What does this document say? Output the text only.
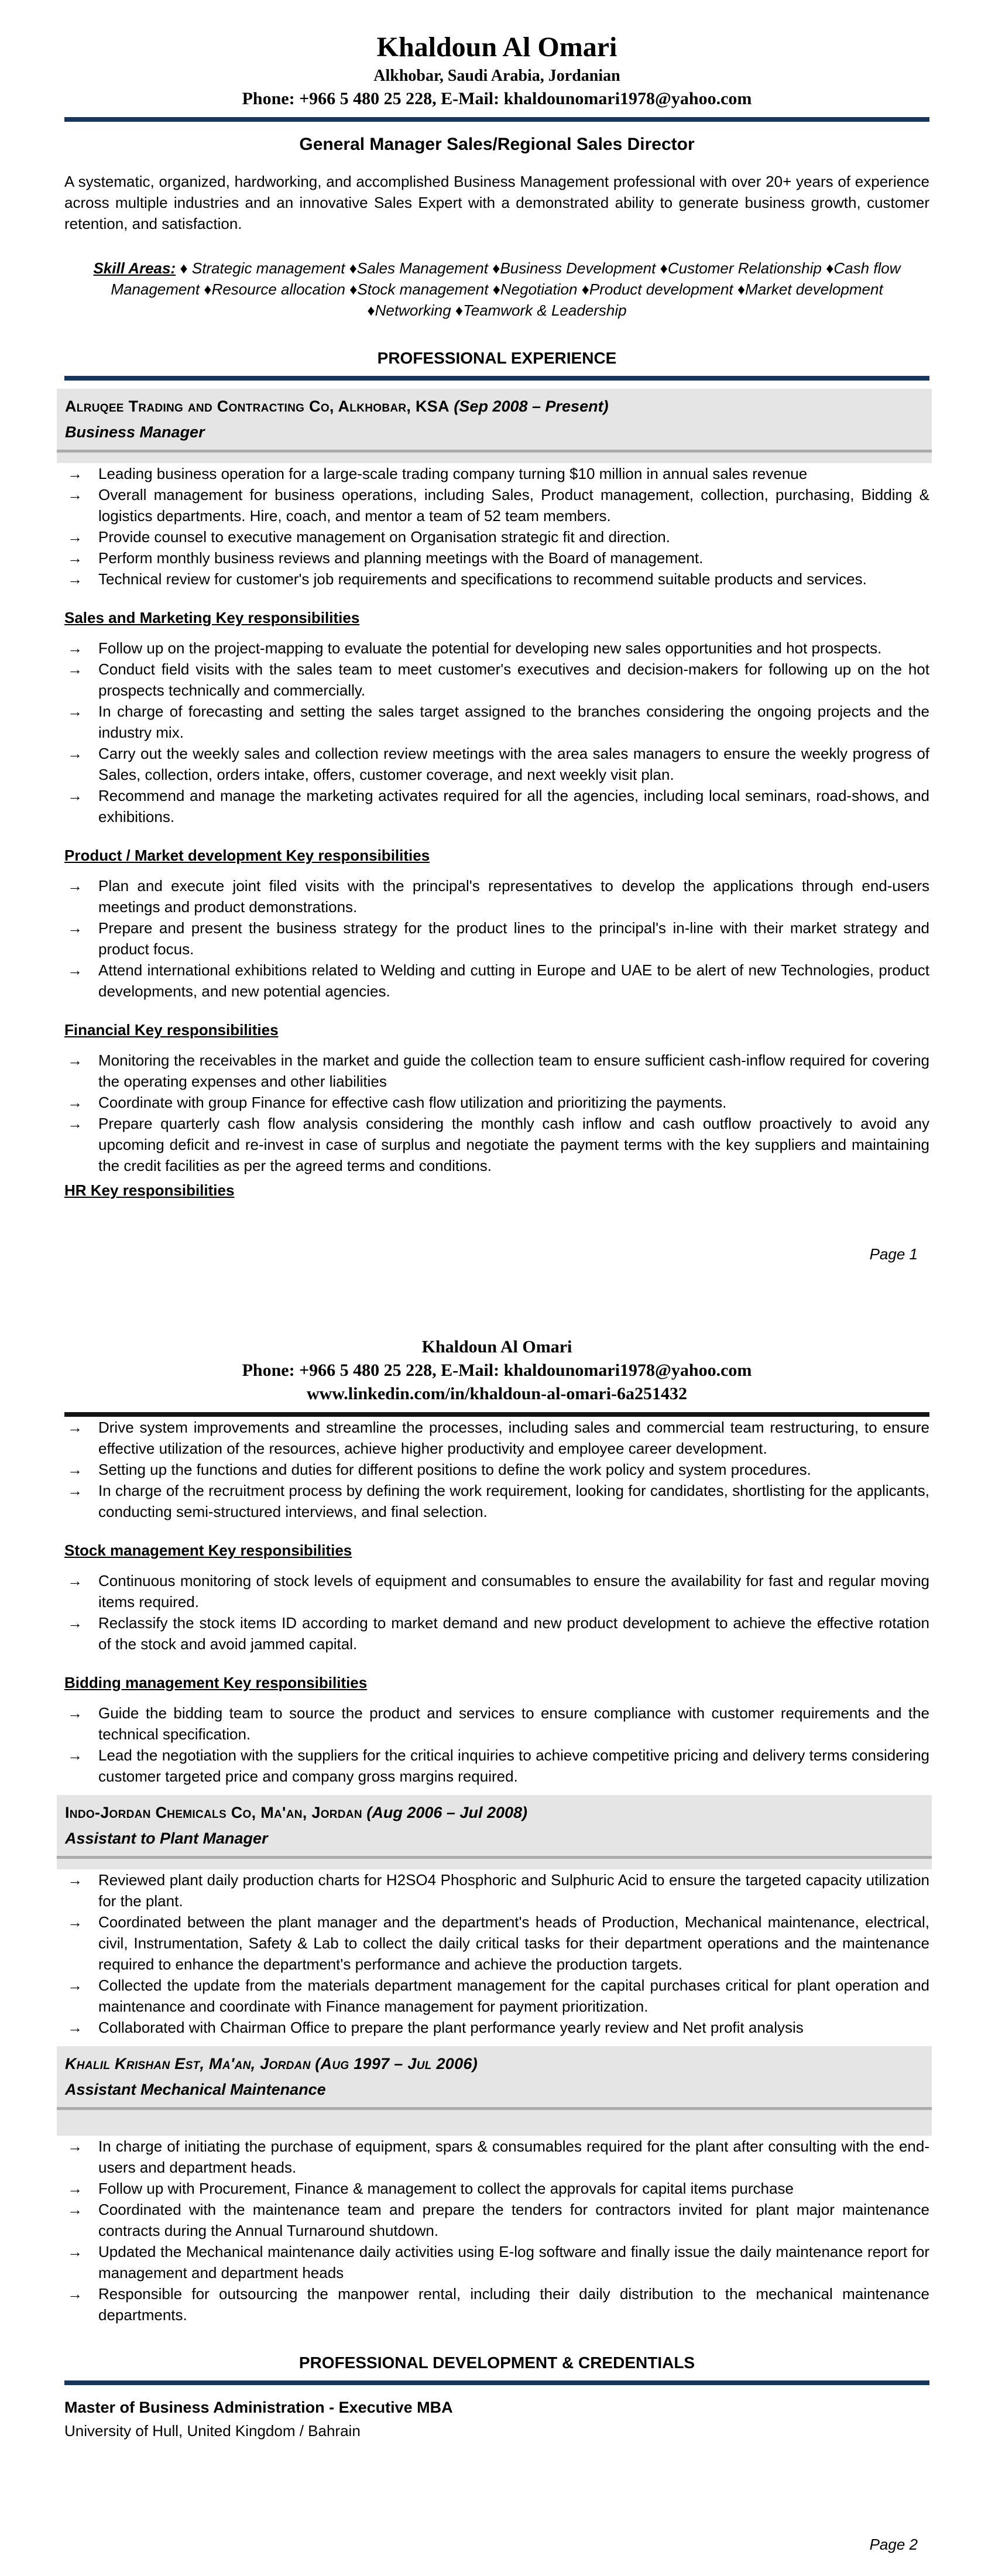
Khaldoun Al Omari
Alkhobar, Saudi Arabia, Jordanian
Phone: +966 5 480 25 228, E-Mail: khaldounomari1978@yahoo.com
General Manager Sales/Regional Sales Director
A systematic, organized, hardworking, and accomplished Business Management professional with over 20+ years of experience across multiple industries and an innovative Sales Expert with a demonstrated ability to generate business growth, customer retention, and satisfaction.
Skill Areas: ♦ Strategic management ♦Sales Management ♦Business Development ♦Customer Relationship ♦Cash flow Management ♦Resource allocation ♦Stock management ♦Negotiation ♦Product development ♦Market development ♦Networking ♦Teamwork & Leadership
PROFESSIONAL EXPERIENCE
Alruqee Trading and Contracting Co, Alkhobar, KSA (Sep 2008 – Present)
Business Manager
→	Leading business operation for a large-scale trading company turning $10 million in annual sales revenue
→	Overall management for business operations, including Sales, Product management, collection, purchasing, Bidding & logistics departments. Hire, coach, and mentor a team of 52 team members.
→	Provide counsel to executive management on Organisation strategic fit and direction.
→	Perform monthly business reviews and planning meetings with the Board of management.
→	Technical review for customer's job requirements and specifications to recommend suitable products and services.
Sales and Marketing Key responsibilities
→	Follow up on the project-mapping to evaluate the potential for developing new sales opportunities and hot prospects.
→	Conduct field visits with the sales team to meet customer's executives and decision-makers for following up on the hot prospects technically and commercially.
→	In charge of forecasting and setting the sales target assigned to the branches considering the ongoing projects and the industry mix.
→	Carry out the weekly sales and collection review meetings with the area sales managers to ensure the weekly progress of Sales, collection, orders intake, offers, customer coverage, and next weekly visit plan.
→	Recommend and manage the marketing activates required for all the agencies, including local seminars, road-shows, and exhibitions.
Product / Market development Key responsibilities
→	Plan and execute joint filed visits with the principal's representatives to develop the applications through end-users meetings and product demonstrations.
→	Prepare and present the business strategy for the product lines to the principal's in-line with their market strategy and product focus.
→	Attend international exhibitions related to Welding and cutting in Europe and UAE to be alert of new Technologies, product developments, and new potential agencies.
Financial Key responsibilities
→	Monitoring the receivables in the market and guide the collection team to ensure sufficient cash-inflow required for covering the operating expenses and other liabilities
→	Coordinate with group Finance for effective cash flow utilization and prioritizing the payments.
→	Prepare quarterly cash flow analysis considering the monthly cash inflow and cash outflow proactively to avoid any upcoming deficit and re-invest in case of surplus and negotiate the payment terms with the key suppliers and maintaining the credit facilities as per the agreed terms and conditions.
HR Key responsibilities
Page 1
Khaldoun Al Omari
Phone: +966 5 480 25 228, E-Mail: khaldounomari1978@yahoo.com
www.linkedin.com/in/khaldoun-al-omari-6a251432
→	Drive system improvements and streamline the processes, including sales and commercial team restructuring, to ensure effective utilization of the resources, achieve higher productivity and employee career development.
→	Setting up the functions and duties for different positions to define the work policy and system procedures.
→	In charge of the recruitment process by defining the work requirement, looking for candidates, shortlisting for the applicants, conducting semi-structured interviews, and final selection.
Stock management Key responsibilities
→	Continuous monitoring of stock levels of equipment and consumables to ensure the availability for fast and regular moving items required.
→	Reclassify the stock items ID according to market demand and new product development to achieve the effective rotation of the stock and avoid jammed capital.
Bidding management Key responsibilities
→	Guide the bidding team to source the product and services to ensure compliance with customer requirements and the technical specification.
→	Lead the negotiation with the suppliers for the critical inquiries to achieve competitive pricing and delivery terms considering customer targeted price and company gross margins required.
Indo-Jordan Chemicals Co, Ma'an, Jordan (Aug 2006 – Jul 2008)
Assistant to Plant Manager
→	Reviewed plant daily production charts for H2SO4 Phosphoric and Sulphuric Acid to ensure the targeted capacity utilization for the plant.
→	Coordinated between the plant manager and the department's heads of Production, Mechanical maintenance, electrical, civil, Instrumentation, Safety & Lab to collect the daily critical tasks for their department operations and the maintenance required to enhance the department's performance and achieve the production targets.
→	Collected the update from the materials department management for the capital purchases critical for plant operation and maintenance and coordinate with Finance management for payment prioritization.
→	Collaborated with Chairman Office to prepare the plant performance yearly review and Net profit analysis
Khalil Krishan Est, Ma'an, Jordan (Aug 1997 – Jul 2006)
Assistant Mechanical Maintenance
→	In charge of initiating the purchase of equipment, spars & consumables required for the plant after consulting with the end-users and department heads.
→	Follow up with Procurement, Finance & management to collect the approvals for capital items purchase
→	Coordinated with the maintenance team and prepare the tenders for contractors invited for plant major maintenance contracts during the Annual Turnaround shutdown.
→	Updated the Mechanical maintenance daily activities using E-log software and finally issue the daily maintenance report for management and department heads
→	Responsible for outsourcing the manpower rental, including their daily distribution to the mechanical maintenance departments.
PROFESSIONAL DEVELOPMENT & CREDENTIALS
Master of Business Administration - Executive MBA
University of Hull, United Kingdom / Bahrain
Page 2
